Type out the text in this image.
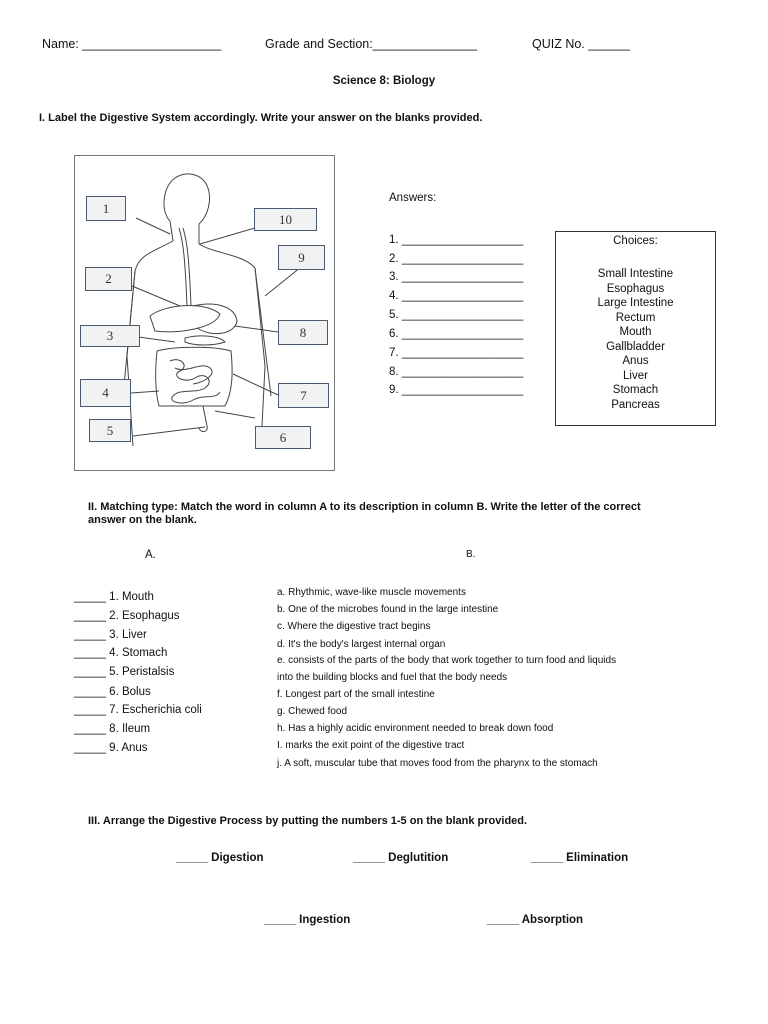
Name: ____________________	Grade and Section:_______________	QUIZ No. ______
Science 8: Biology
I. Label the Digestive System accordingly. Write your answer on the blanks provided.
1
10
9
2
8
3
4	7
5	6
Answers:
1. ___________________
2. ___________________
3. ___________________
4. ___________________
5. ___________________
6. ___________________
7. ___________________
8. ___________________
9. ___________________
Choices:
Small Intestine
Esophagus
Large Intestine
Rectum
Mouth
Gallbladder
Anus
Liver
Stomach
Pancreas
II. Matching type: Match the word in column A to its description in column B. Write the letter of the correct
answer on the blank.
A.	B.
_____ 1. Mouth
_____ 2. Esophagus
_____ 3. Liver
_____ 4. Stomach
_____ 5. Peristalsis
_____ 6. Bolus
_____ 7. Escherichia coli
_____ 8. Ileum
_____ 9. Anus
a. Rhythmic, wave-like muscle movements
b. One of the microbes found in the large intestine
c. Where the digestive tract begins
d. It's the body's largest internal organ
e. consists of the parts of the body that work together to turn food and liquids
into the building blocks and fuel that the body needs
f. Longest part of the small intestine
g. Chewed food
h. Has a highly acidic environment needed to break down food
I. marks the exit point of the digestive tract
j. A soft, muscular tube that moves food from the pharynx to the stomach
III. Arrange the Digestive Process by putting the numbers 1-5 on the blank provided.
_____ Digestion	_____ Deglutition	_____ Elimination
_____ Ingestion	_____ Absorption
